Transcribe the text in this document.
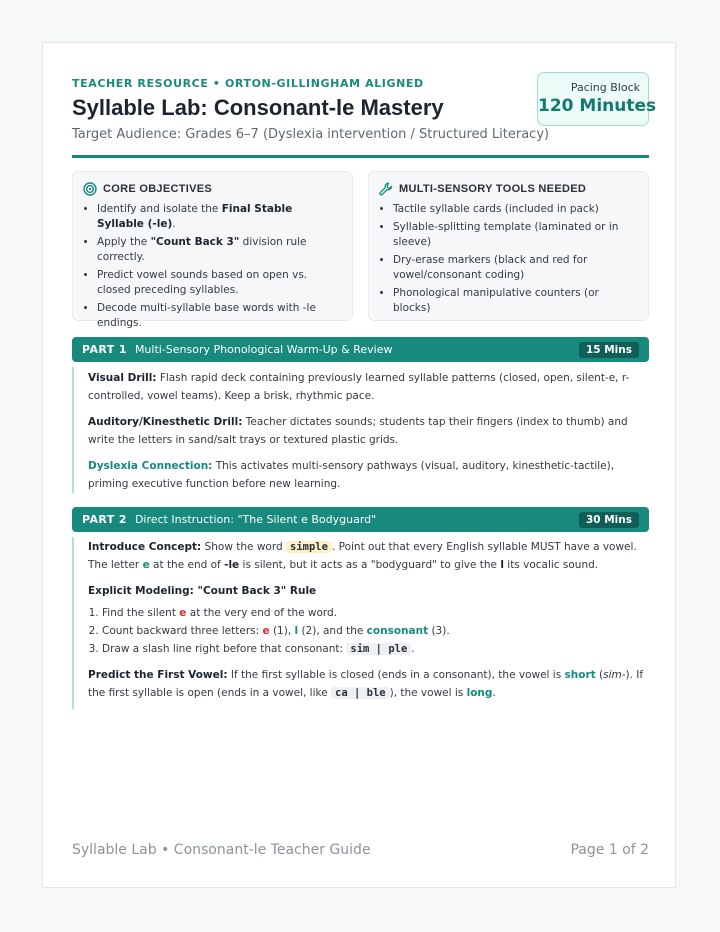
TEACHER RESOURCE • ORTON-GILLINGHAM ALIGNED
Syllable Lab: Consonant-le Mastery
Target Audience: Grades 6–7 (Dyslexia intervention / Structured Literacy)
Pacing Block
120 Minutes
CORE OBJECTIVES
• Identify and isolate the Final Stable Syllable (-le).
• Apply the "Count Back 3" division rule correctly.
• Predict vowel sounds based on open vs. closed preceding syllables.
• Decode multi-syllable base words with -le endings.
MULTI-SENSORY TOOLS NEEDED
• Tactile syllable cards (included in pack)
• Syllable-splitting template (laminated or in sleeve)
• Dry-erase markers (black and red for vowel/consonant coding)
• Phonological manipulative counters (or blocks)
PART 1 Multi-Sensory Phonological Warm-Up & Review	15 Mins

Visual Drill: Flash rapid deck containing previously learned syllable patterns (closed, open, silent-e, r-controlled, vowel teams). Keep a brisk, rhythmic pace.

Auditory/Kinesthetic Drill: Teacher dictates sounds; students tap their fingers (index to thumb) and write the letters in sand/salt trays or textured plastic grids.

Dyslexia Connection: This activates multi-sensory pathways (visual, auditory, kinesthetic-tactile), priming executive function before new learning.

PART 2 Direct Instruction: "The Silent e Bodyguard"	30 Mins

Introduce Concept: Show the word simple . Point out that every English syllable MUST have a vowel. The letter e at the end of -le is silent, but it acts as a "bodyguard" to give the l its vocalic sound.

Explicit Modeling: "Count Back 3" Rule

1. Find the silent e at the very end of the word.
2. Count backward three letters: e (1), l (2), and the consonant (3).
3. Draw a slash line right before that consonant: sim | ple .

Predict the First Vowel: If the first syllable is closed (ends in a consonant), the vowel is short (sim-). If the first syllable is open (ends in a vowel, like ca | ble ), the vowel is long.

Syllable Lab • Consonant-le Teacher Guide	Page 1 of 2
